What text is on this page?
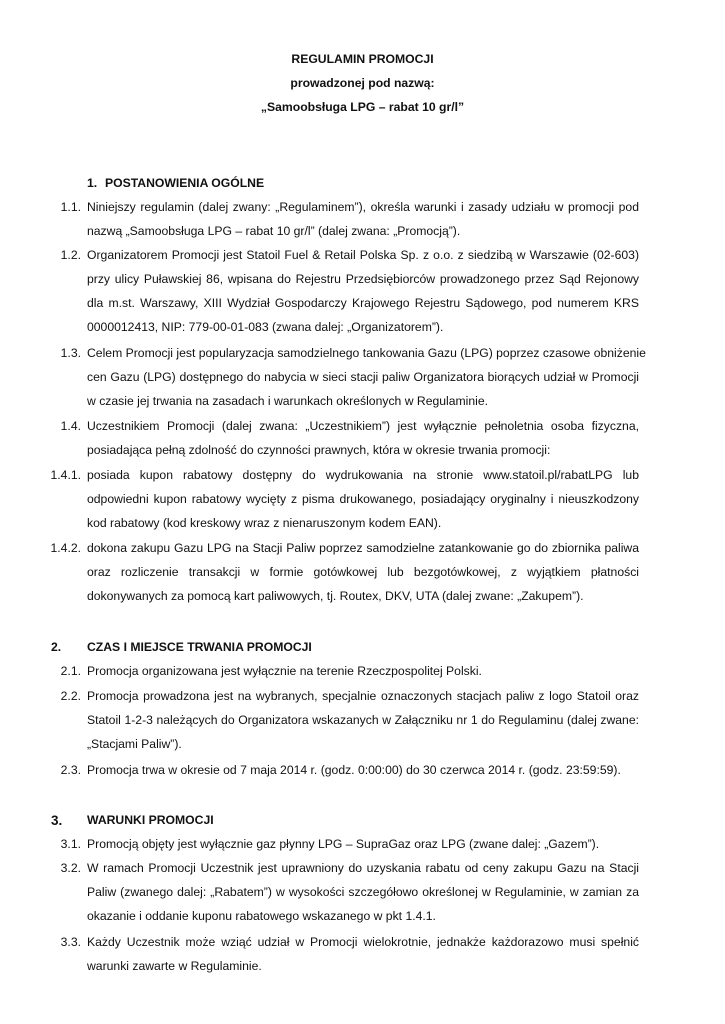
REGULAMIN PROMOCJI
prowadzonej pod nazwą:
„Samoobsługa LPG – rabat 10 gr/l”
1. POSTANOWIENIA OGÓLNE
1.1. Niniejszy regulamin (dalej zwany: „Regulaminem”), określa warunki i zasady udziału w promocji pod
nazwą „Samoobsługa LPG – rabat 10 gr/l” (dalej zwana: „Promocją”).
1.2. Organizatorem Promocji jest Statoil Fuel & Retail Polska Sp. z o.o. z siedzibą w Warszawie (02-603)
przy ulicy Puławskiej 86, wpisana do Rejestru Przedsiębiorców prowadzonego przez Sąd Rejonowy
dla m.st. Warszawy, XIII Wydział Gospodarczy Krajowego Rejestru Sądowego, pod numerem KRS
0000012413, NIP: 779-00-01-083 (zwana dalej: „Organizatorem”).
1.3. Celem Promocji jest popularyzacja samodzielnego tankowania Gazu (LPG) poprzez czasowe obniżenie
cen Gazu (LPG) dostępnego do nabycia w sieci stacji paliw Organizatora biorących udział w Promocji
w czasie jej trwania na zasadach i warunkach określonych w Regulaminie.
1.4. Uczestnikiem Promocji (dalej zwana: „Uczestnikiem”) jest wyłącznie pełnoletnia osoba fizyczna,
posiadająca pełną zdolność do czynności prawnych, która w okresie trwania promocji:
1.4.1. posiada kupon rabatowy dostępny do wydrukowania na stronie www.statoil.pl/rabatLPG lub
odpowiedni kupon rabatowy wycięty z pisma drukowanego, posiadający oryginalny i nieuszkodzony
kod rabatowy (kod kreskowy wraz z nienaruszonym kodem EAN).
1.4.2. dokona zakupu Gazu LPG na Stacji Paliw poprzez samodzielne zatankowanie go do zbiornika paliwa
oraz rozliczenie transakcji w formie gotówkowej lub bezgotówkowej, z wyjątkiem płatności
dokonywanych za pomocą kart paliwowych, tj. Routex, DKV, UTA (dalej zwane: „Zakupem”).
2. CZAS I MIEJSCE TRWANIA PROMOCJI
2.1. Promocja organizowana jest wyłącznie na terenie Rzeczpospolitej Polski.
2.2. Promocja prowadzona jest na wybranych, specjalnie oznaczonych stacjach paliw z logo Statoil oraz
Statoil 1-2-3 należących do Organizatora wskazanych w Załączniku nr 1 do Regulaminu (dalej zwane:
„Stacjami Paliw”).
2.3. Promocja trwa w okresie od 7 maja 2014 r. (godz. 0:00:00) do 30 czerwca 2014 r. (godz. 23:59:59).
3. WARUNKI PROMOCJI
3.1. Promocją objęty jest wyłącznie gaz płynny LPG – SupraGaz oraz LPG (zwane dalej: „Gazem”).
3.2. W ramach Promocji Uczestnik jest uprawniony do uzyskania rabatu od ceny zakupu Gazu na Stacji
Paliw (zwanego dalej: „Rabatem”) w wysokości szczegółowo określonej w Regulaminie, w zamian za
okazanie i oddanie kuponu rabatowego wskazanego w pkt 1.4.1.
3.3. Każdy Uczestnik może wziąć udział w Promocji wielokrotnie, jednakże każdorazowo musi spełnić
warunki zawarte w Regulaminie.
